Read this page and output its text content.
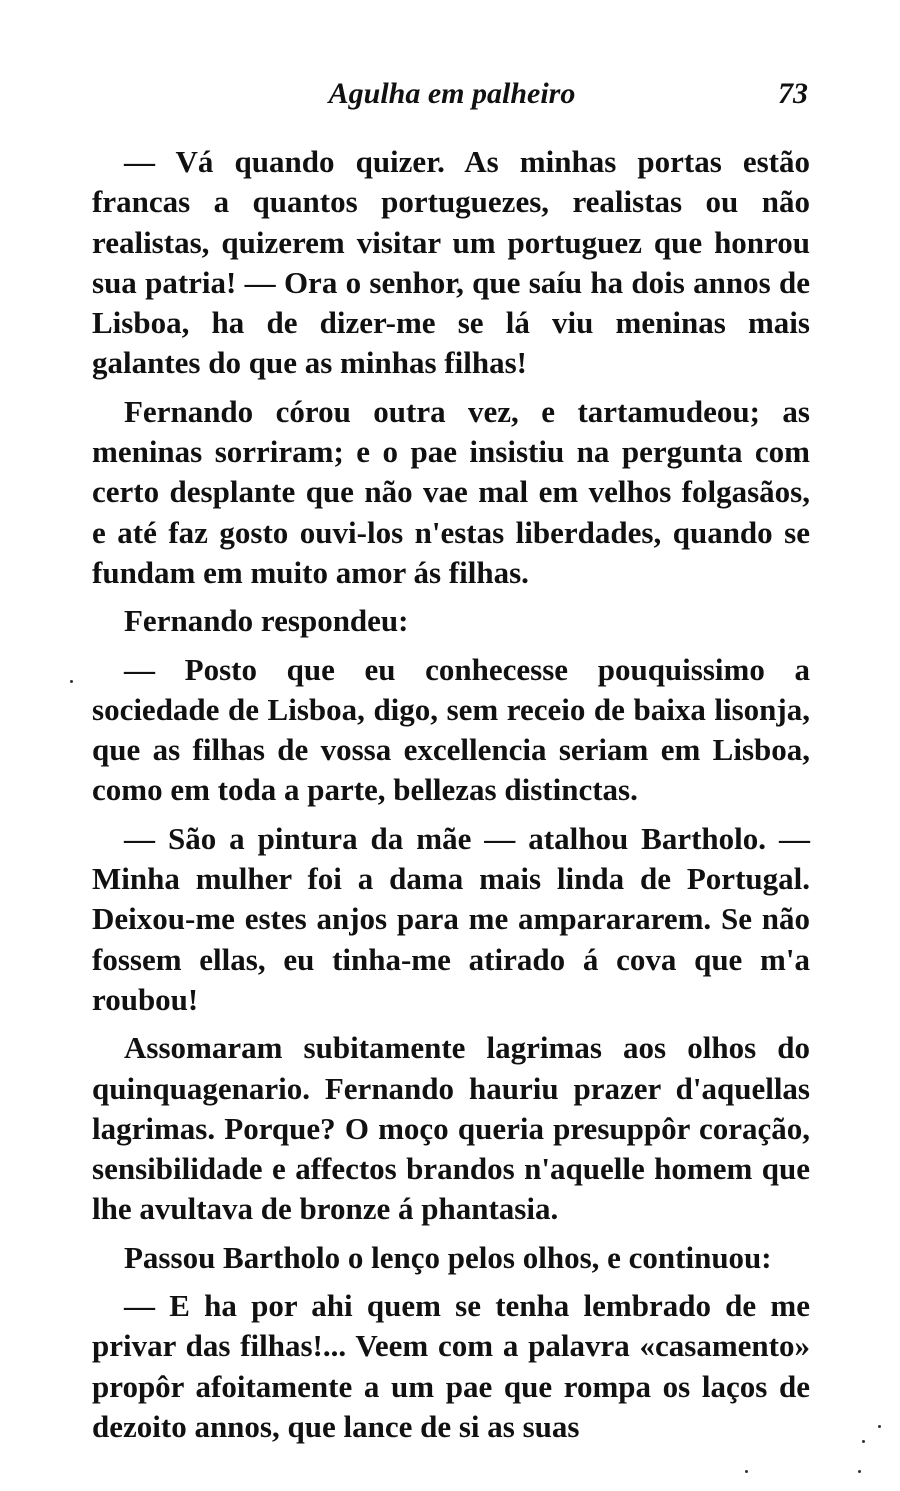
Agulha em palheiro	73

— Vá quando quizer. As minhas portas estão francas a quantos portuguezes, realistas ou não realistas, quizerem visitar um portuguez que honrou sua patria! — Ora o senhor, que saíu ha dois annos de Lisboa, ha de dizer-me se lá viu meninas mais galantes do que as minhas filhas!

Fernando córou outra vez, e tartamudeou; as meninas sorriram; e o pae insistiu na pergunta com certo desplante que não vae mal em velhos folgasãos, e até faz gosto ouvi-los n'estas liberdades, quando se fundam em muito amor ás filhas.

Fernando respondeu:

— Posto que eu conhecesse pouquissimo a sociedade de Lisboa, digo, sem receio de baixa lisonja, que as filhas de vossa excellencia seriam em Lisboa, como em toda a parte, bellezas distinctas.

— São a pintura da mãe — atalhou Bartholo. — Minha mulher foi a dama mais linda de Portugal. Deixou-me estes anjos para me amparararem. Se não fossem ellas, eu tinha-me atirado á cova que m'a roubou!

Assomaram subitamente lagrimas aos olhos do quinquagenario. Fernando hauriu prazer d'aquellas lagrimas. Porque? O moço queria presuppôr coração, sensibilidade e affectos brandos n'aquelle homem que lhe avultava de bronze á phantasia.

Passou Bartholo o lenço pelos olhos, e continuou:

— E ha por ahi quem se tenha lembrado de me privar das filhas!... Veem com a palavra «casamento» propôr afoitamente a um pae que rompa os laços de dezoito annos, que lance de si as suas
